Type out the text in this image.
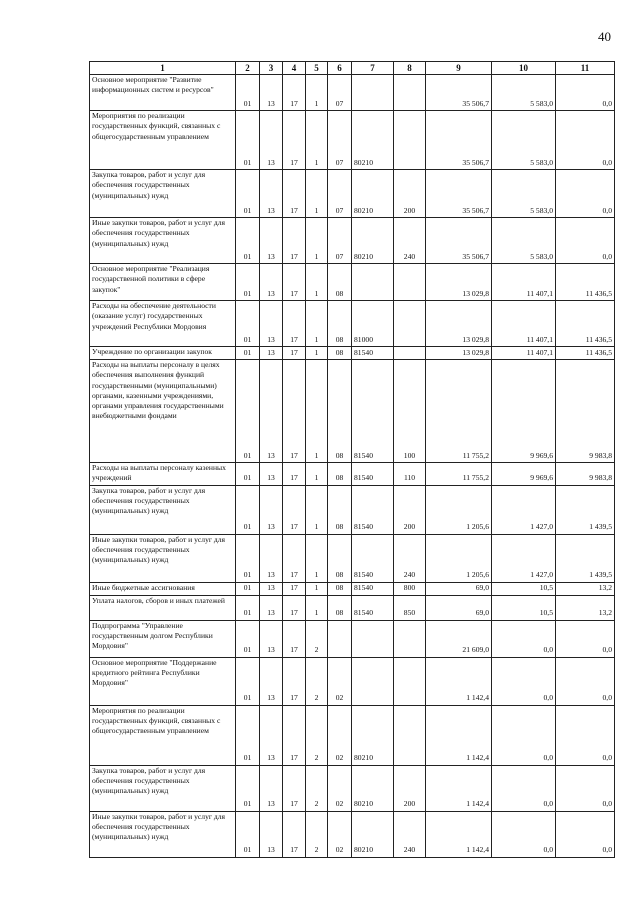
40
1	2	3	4	5	6	7	8	9	10	11
Основное мероприятие "Развитие информационных систем и ресурсов"	01	13	17	1	07			35 506,7	5 583,0	0,0
Мероприятия по реализации государственных функций, связанных с общегосударственным управлением	01	13	17	1	07	80210		35 506,7	5 583,0	0,0
Закупка товаров, работ и услуг для обеспечения государственных (муниципальных) нужд	01	13	17	1	07	80210	200	35 506,7	5 583,0	0,0
Иные закупки товаров, работ и услуг для обеспечения государственных (муниципальных) нужд	01	13	17	1	07	80210	240	35 506,7	5 583,0	0,0
Основное мероприятие "Реализация государственной политики в сфере закупок"	01	13	17	1	08			13 029,8	11 407,1	11 436,5
Расходы на обеспечение деятельности (оказание услуг) государственных учреждений Республики Мордовия	01	13	17	1	08	81000		13 029,8	11 407,1	11 436,5
Учреждение по организации закупок	01	13	17	1	08	81540		13 029,8	11 407,1	11 436,5
Расходы на выплаты персоналу в целях обеспечения выполнения функций государственными (муниципальными) органами, казенными учреждениями, органами управления государственными внебюджетными фондами	01	13	17	1	08	81540	100	11 755,2	9 969,6	9 983,8
Расходы на выплаты персоналу казенных учреждений	01	13	17	1	08	81540	110	11 755,2	9 969,6	9 983,8
Закупка товаров, работ и услуг для обеспечения государственных (муниципальных) нужд	01	13	17	1	08	81540	200	1 205,6	1 427,0	1 439,5
Иные закупки товаров, работ и услуг для обеспечения государственных (муниципальных) нужд	01	13	17	1	08	81540	240	1 205,6	1 427,0	1 439,5
Иные бюджетные ассигнования	01	13	17	1	08	81540	800	69,0	10,5	13,2
Уплата налогов, сборов и иных платежей	01	13	17	1	08	81540	850	69,0	10,5	13,2
Подпрограмма "Управление государственным долгом Республики Мордовия"	01	13	17	2				21 609,0	0,0	0,0
Основное мероприятие "Поддержание кредитного рейтинга Республики Мордовия"	01	13	17	2	02			1 142,4	0,0	0,0
Мероприятия по реализации государственных функций, связанных с общегосударственным управлением	01	13	17	2	02	80210		1 142,4	0,0	0,0
Закупка товаров, работ и услуг для обеспечения государственных (муниципальных) нужд	01	13	17	2	02	80210	200	1 142,4	0,0	0,0
Иные закупки товаров, работ и услуг для обеспечения государственных (муниципальных) нужд	01	13	17	2	02	80210	240	1 142,4	0,0	0,0
